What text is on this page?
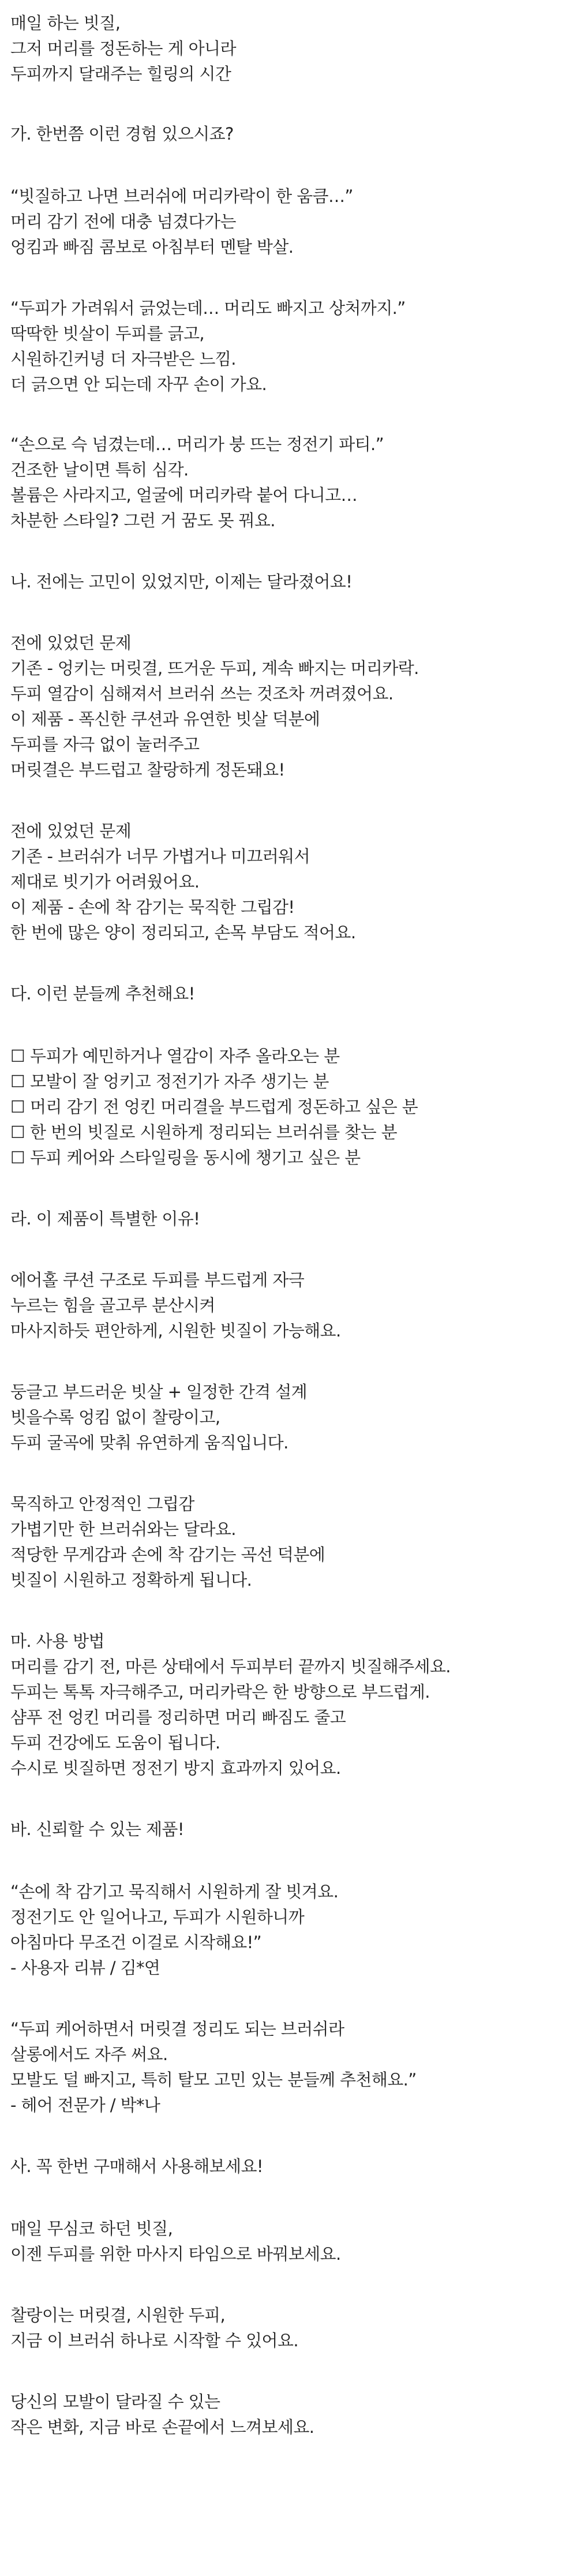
매일 하는 빗질,
그저 머리를 정돈하는 게 아니라
두피까지 달래주는 힐링의 시간
가. 한번쯤 이런 경험 있으시죠?
“빗질하고 나면 브러쉬에 머리카락이 한 움큼…”
머리 감기 전에 대충 넘겼다가는
엉킴과 빠짐 콤보로 아침부터 멘탈 박살.
“두피가 가려워서 긁었는데… 머리도 빠지고 상처까지.”
딱딱한 빗살이 두피를 긁고,
시원하긴커녕 더 자극받은 느낌.
더 긁으면 안 되는데 자꾸 손이 가요.
“손으로 슥 넘겼는데… 머리가 붕 뜨는 정전기 파티.”
건조한 날이면 특히 심각.
볼륨은 사라지고, 얼굴에 머리카락 붙어 다니고…
차분한 스타일? 그런 거 꿈도 못 꿔요.
나. 전에는 고민이 있었지만, 이제는 달라졌어요!
전에 있었던 문제
기존 - 엉키는 머릿결, 뜨거운 두피, 계속 빠지는 머리카락.
두피 열감이 심해져서 브러쉬 쓰는 것조차 꺼려졌어요.
이 제품 - 폭신한 쿠션과 유연한 빗살 덕분에
두피를 자극 없이 눌러주고
머릿결은 부드럽고 찰랑하게 정돈돼요!
전에 있었던 문제
기존 - 브러쉬가 너무 가볍거나 미끄러워서
제대로 빗기가 어려웠어요.
이 제품 - 손에 착 감기는 묵직한 그립감!
한 번에 많은 양이 정리되고, 손목 부담도 적어요.
다. 이런 분들께 추천해요!
☐ 두피가 예민하거나 열감이 자주 올라오는 분
☐ 모발이 잘 엉키고 정전기가 자주 생기는 분
☐ 머리 감기 전 엉킨 머리결을 부드럽게 정돈하고 싶은 분
☐ 한 번의 빗질로 시원하게 정리되는 브러쉬를 찾는 분
☐ 두피 케어와 스타일링을 동시에 챙기고 싶은 분
라. 이 제품이 특별한 이유!
에어홀 쿠션 구조로 두피를 부드럽게 자극
누르는 힘을 골고루 분산시켜
마사지하듯 편안하게, 시원한 빗질이 가능해요.
둥글고 부드러운 빗살 + 일정한 간격 설계
빗을수록 엉킴 없이 찰랑이고,
두피 굴곡에 맞춰 유연하게 움직입니다.
묵직하고 안정적인 그립감
가볍기만 한 브러쉬와는 달라요.
적당한 무게감과 손에 착 감기는 곡선 덕분에
빗질이 시원하고 정확하게 됩니다.
마. 사용 방법
머리를 감기 전, 마른 상태에서 두피부터 끝까지 빗질해주세요.
두피는 톡톡 자극해주고, 머리카락은 한 방향으로 부드럽게.
샴푸 전 엉킨 머리를 정리하면 머리 빠짐도 줄고
두피 건강에도 도움이 됩니다.
수시로 빗질하면 정전기 방지 효과까지 있어요.
바. 신뢰할 수 있는 제품!
“손에 착 감기고 묵직해서 시원하게 잘 빗겨요.
정전기도 안 일어나고, 두피가 시원하니까
아침마다 무조건 이걸로 시작해요!”
- 사용자 리뷰 / 김*연
“두피 케어하면서 머릿결 정리도 되는 브러쉬라
살롱에서도 자주 써요.
모발도 덜 빠지고, 특히 탈모 고민 있는 분들께 추천해요.”
- 헤어 전문가 / 박*나
사. 꼭 한번 구매해서 사용해보세요!
매일 무심코 하던 빗질,
이젠 두피를 위한 마사지 타임으로 바꿔보세요.
찰랑이는 머릿결, 시원한 두피,
지금 이 브러쉬 하나로 시작할 수 있어요.
당신의 모발이 달라질 수 있는
작은 변화, 지금 바로 손끝에서 느껴보세요.
